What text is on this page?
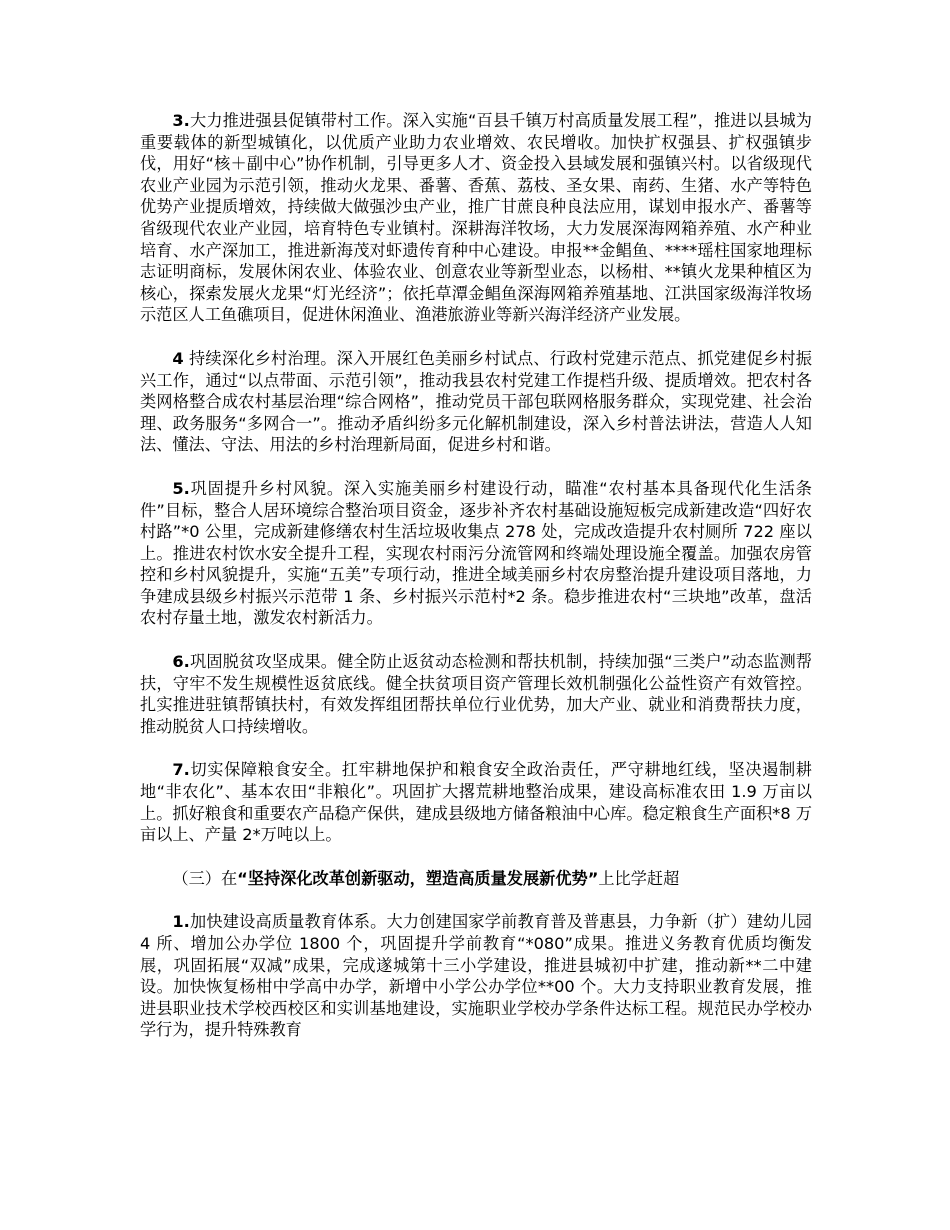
3.大力推进强县促镇带村工作。深入实施“百县千镇万村高质量发展工程”，推进以县城为重要载体的新型城镇化，以优质产业助力农业增效、农民增收。加快扩权强县、扩权强镇步伐，用好“核＋副中心”协作机制，引导更多人才、资金投入县域发展和强镇兴村。以省级现代农业产业园为示范引领，推动火龙果、番薯、香蕉、荔枝、圣女果、南药、生猪、水产等特色优势产业提质增效，持续做大做强沙虫产业，推广甘蔗良种良法应用，谋划申报水产、番薯等省级现代农业产业园，培育特色专业镇村。深耕海洋牧场，大力发展深海网箱养殖、水产种业培育、水产深加工，推进新海茂对虾遗传育种中心建设。申报**金鲳鱼、****瑶柱国家地理标志证明商标，发展休闲农业、体验农业、创意农业等新型业态，以杨柑、**镇火龙果种植区为核心，探索发展火龙果“灯光经济”；依托草潭金鲳鱼深海网箱养殖基地、江洪国家级海洋牧场示范区人工鱼礁项目，促进休闲渔业、渔港旅游业等新兴海洋经济产业发展。

4 持续深化乡村治理。深入开展红色美丽乡村试点、行政村党建示范点、抓党建促乡村振兴工作，通过“以点带面、示范引领”，推动我县农村党建工作提档升级、提质增效。把农村各类网格整合成农村基层治理“综合网格”，推动党员干部包联网格服务群众，实现党建、社会治理、政务服务“多网合一”。推动矛盾纠纷多元化解机制建设，深入乡村普法讲法，营造人人知法、懂法、守法、用法的乡村治理新局面，促进乡村和谐。

5.巩固提升乡村风貌。深入实施美丽乡村建设行动，瞄准“农村基本具备现代化生活条件”目标，整合人居环境综合整治项目资金，逐步补齐农村基础设施短板完成新建改造“四好农村路”*0 公里，完成新建修缮农村生活垃圾收集点 278 处，完成改造提升农村厕所 722 座以上。推进农村饮水安全提升工程，实现农村雨污分流管网和终端处理设施全覆盖。加强农房管控和乡村风貌提升，实施“五美”专项行动，推进全域美丽乡村农房整治提升建设项目落地，力争建成县级乡村振兴示范带 1 条、乡村振兴示范村*2 条。稳步推进农村“三块地”改革，盘活农村存量土地，激发农村新活力。

6.巩固脱贫攻坚成果。健全防止返贫动态检测和帮扶机制，持续加强“三类户”动态监测帮扶，守牢不发生规模性返贫底线。健全扶贫项目资产管理长效机制强化公益性资产有效管控。扎实推进驻镇帮镇扶村，有效发挥组团帮扶单位行业优势，加大产业、就业和消费帮扶力度，推动脱贫人口持续增收。

7.切实保障粮食安全。扛牢耕地保护和粮食安全政治责任，严守耕地红线，坚决遏制耕地“非农化”、基本农田“非粮化”。巩固扩大撂荒耕地整治成果，建设高标准农田 1.9 万亩以上。抓好粮食和重要农产品稳产保供，建成县级地方储备粮油中心库。稳定粮食生产面积*8 万亩以上、产量 2*万吨以上。

（三）在“坚持深化改革创新驱动，塑造高质量发展新优势”上比学赶超

1.加快建设高质量教育体系。大力创建国家学前教育普及普惠县，力争新（扩）建幼儿园 4 所、增加公办学位 1800 个，巩固提升学前教育“*080”成果。推进义务教育优质均衡发展，巩固拓展“双减”成果，完成遂城第十三小学建设，推进县城初中扩建，推动新**二中建设。加快恢复杨柑中学高中办学，新增中小学公办学位**00 个。大力支持职业教育发展，推进县职业技术学校西校区和实训基地建设，实施职业学校办学条件达标工程。规范民办学校办学行为，提升特殊教育
